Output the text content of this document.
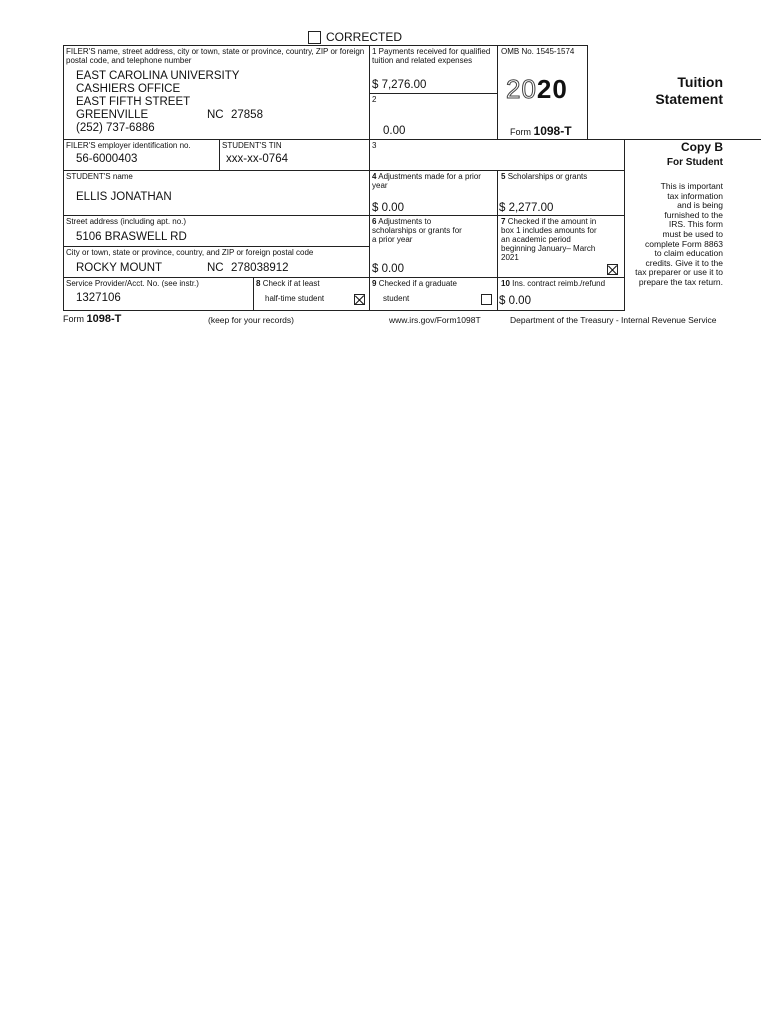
CORRECTED
FILER'S name, street address, city or town, state or province, country, ZIP or foreign postal code, and telephone number
EAST CAROLINA UNIVERSITY
CASHIERS OFFICE
EAST FIFTH STREET
GREENVILLE	NC 27858
(252) 737-6886
1 Payments received for qualified tuition and related expenses
$ 7,276.00
2
0.00
OMB No. 1545-1574
2020
Form 1098-T
Tuition
Statement
FILER'S employer identification no.
56-6000403
STUDENT'S TIN
xxx-xx-0764
3	Copy B
For Student
This is important
tax information
and is being
furnished to the
IRS. This form
must be used to
complete Form 8863
to claim education
credits. Give it to the
tax preparer or use it to
prepare the tax return.
STUDENT'S name
ELLIS JONATHAN
4 Adjustments made for a prior year
$ 0.00
5 Scholarships or grants
$ 2,277.00
Street address (including apt. no.)
5106 BRASWELL RD
City or town, state or province, country, and ZIP or foreign postal code
ROCKY MOUNT	NC 278038912
6 Adjustments to scholarships or grants for a prior year
$ 0.00
7 Checked if the amount in box 1 includes amounts for an academic period beginning January– March 2021
Service Provider/Acct. No. (see instr.)
1327106
8 Check if at least
half-time student
9 Checked if a graduate
student
10 Ins. contract reimb./refund
$ 0.00
Form 1098-T	(keep for your records)	www.irs.gov/Form1098T	Department of the Treasury - Internal Revenue Service
